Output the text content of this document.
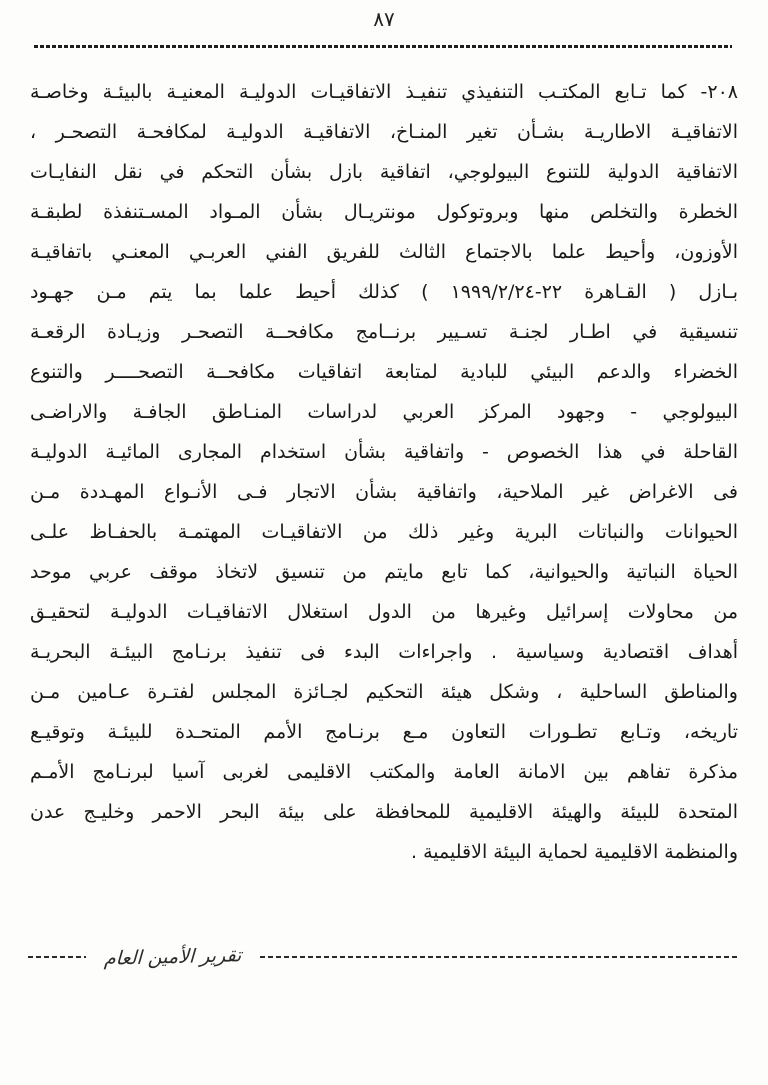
٨٧
٢٠٨- كما تـابع المكتـب التنفيذي تنفيـذ الاتفاقيـات الدوليـة المعنيـة بالبيئـة وخاصـة
الاتفاقيـة الاطاريـة بشـأن تغير المنـاخ، الاتفاقيـة الدوليـة لمكافحـة التصحـر ،
الاتفاقية الدولية للتنوع البيولوجي، اتفاقية بازل بشأن التحكم في نقل النفايـات
الخطرة والتخلص منها وبروتوكول مونتريـال بشأن المـواد المسـتنفذة لطبقـة
الأوزون، وأحيط علما بالاجتماع الثالث للفريق الفني العربـي المعنـي باتفاقيـة
بـازل ( القـاهرة ٢٢-١٩٩٩/٢/٢٤ ) كذلك أحيط علما بما يتم مـن جهـود
تنسيقية في اطـار لجنـة تسـيير برنــامج مكافحــة التصحـر وزيـادة الرقعـة
الخضراء والدعم البيئي للبادية لمتابعة اتفاقيات مكافحــة التصحــــر والتنوع
البيولوجي - وجهود المركز العربي لدراسات المنـاطق الجافـة والاراضـى
القاحلة في هذا الخصوص - واتفاقية بشأن استخدام المجارى المائيـة الدوليـة
فى الاغراض غير الملاحية، واتفاقية بشأن الاتجار فـى الأنـواع المهـددة مـن
الحيوانات والنباتات البرية وغير ذلك من الاتفاقيـات المهتمـة بالحفـاظ علـى
الحياة النباتية والحيوانية، كما تابع مايتم من تنسيق لاتخاذ موقف عربي موحد
من محاولات إسرائيل وغيرها من الدول استغلال الاتفاقيـات الدوليـة لتحقيـق
أهداف اقتصادية وسياسية . واجراءات البدء فى تنفيذ برنـامج البيئـة البحريـة
والمناطق الساحلية ، وشكل هيئة التحكيم لجـائزة المجلس لفتـرة عـامين مـن
تاريخه، وتـابع تطـورات التعاون مـع برنـامج الأمم المتحـدة للبيئـة وتوقيـع
مذكرة تفاهم بين الامانة العامة والمكتب الاقليمى لغربى آسيا لبرنـامج الأمـم
المتحدة للبيئة والهيئة الاقليمية للمحافظة على بيئة البحر الاحمر وخليـج عدن
والمنظمة الاقليمية لحماية البيئة الاقليمية .
تقرير الأمين العام
